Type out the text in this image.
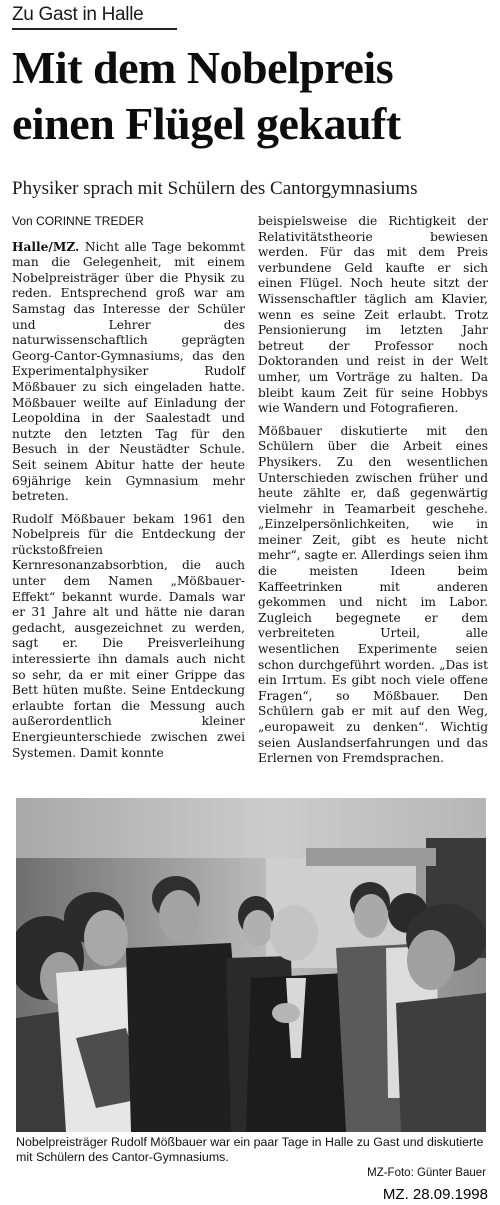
Zu Gast in Halle
Mit dem Nobelpreis
einen Flügel gekauft
Physiker sprach mit Schülern des Cantorgymnasiums
Von CORINNE TREDER

Halle/MZ. Nicht alle Tage bekommt man die Gelegenheit, mit einem Nobelpreisträger über die Physik zu reden. Entsprechend groß war am Samstag das Interesse der Schüler und Lehrer des naturwissenschaftlich geprägten Georg-Cantor-Gymnasiums, das den Experimentalphysiker Rudolf Mößbauer zu sich eingeladen hatte. Mößbauer weilte auf Einladung der Leopoldina in der Saalestadt und nutzte den letzten Tag für den Besuch in der Neustädter Schule. Seit seinem Abitur hatte der heute 69jährige kein Gymnasium mehr betreten.

Rudolf Mößbauer bekam 1961 den Nobelpreis für die Entdeckung der rückstoßfreien Kernresonanzabsorbtion, die auch unter dem Namen „Mößbauer-Effekt“ bekannt wurde. Damals war er 31 Jahre alt und hätte nie daran gedacht, ausgezeichnet zu werden, sagt er. Die Preisverleihung interessierte ihn damals auch nicht so sehr, da er mit einer Grippe das Bett hüten mußte. Seine Entdeckung erlaubte fortan die Messung auch außerordentlich kleiner Energieunterschiede zwischen zwei Systemen. Damit konnte

beispielsweise die Richtigkeit der Relativitätstheorie bewiesen werden. Für das mit dem Preis verbundene Geld kaufte er sich einen Flügel. Noch heute sitzt der Wissenschaftler täglich am Klavier, wenn es seine Zeit erlaubt. Trotz Pensionierung im letzten Jahr betreut der Professor noch Doktoranden und reist in der Welt umher, um Vorträge zu halten. Da bleibt kaum Zeit für seine Hobbys wie Wandern und Fotografieren.

Mößbauer diskutierte mit den Schülern über die Arbeit eines Physikers. Zu den wesentlichen Unterschieden zwischen früher und heute zählte er, daß gegenwärtig vielmehr in Teamarbeit geschehe. „Einzelpersönlichkeiten, wie in meiner Zeit, gibt es heute nicht mehr“, sagte er. Allerdings seien ihm die meisten Ideen beim Kaffeetrinken mit anderen gekommen und nicht im Labor. Zugleich begegnete er dem verbreiteten Urteil, alle wesentlichen Experimente seien schon durchgeführt worden. „Das ist ein Irrtum. Es gibt noch viele offene Fragen“, so Mößbauer. Den Schülern gab er mit auf den Weg, „europaweit zu denken“. Wichtig seien Auslandserfahrungen und das Erlernen von Fremdsprachen.

Nobelpreisträger Rudolf Mößbauer war ein paar Tage in Halle zu Gast und diskutierte mit Schülern des Cantor-Gymnasiums.
MZ-Foto: Günter Bauer
MZ. 28.09.1998
